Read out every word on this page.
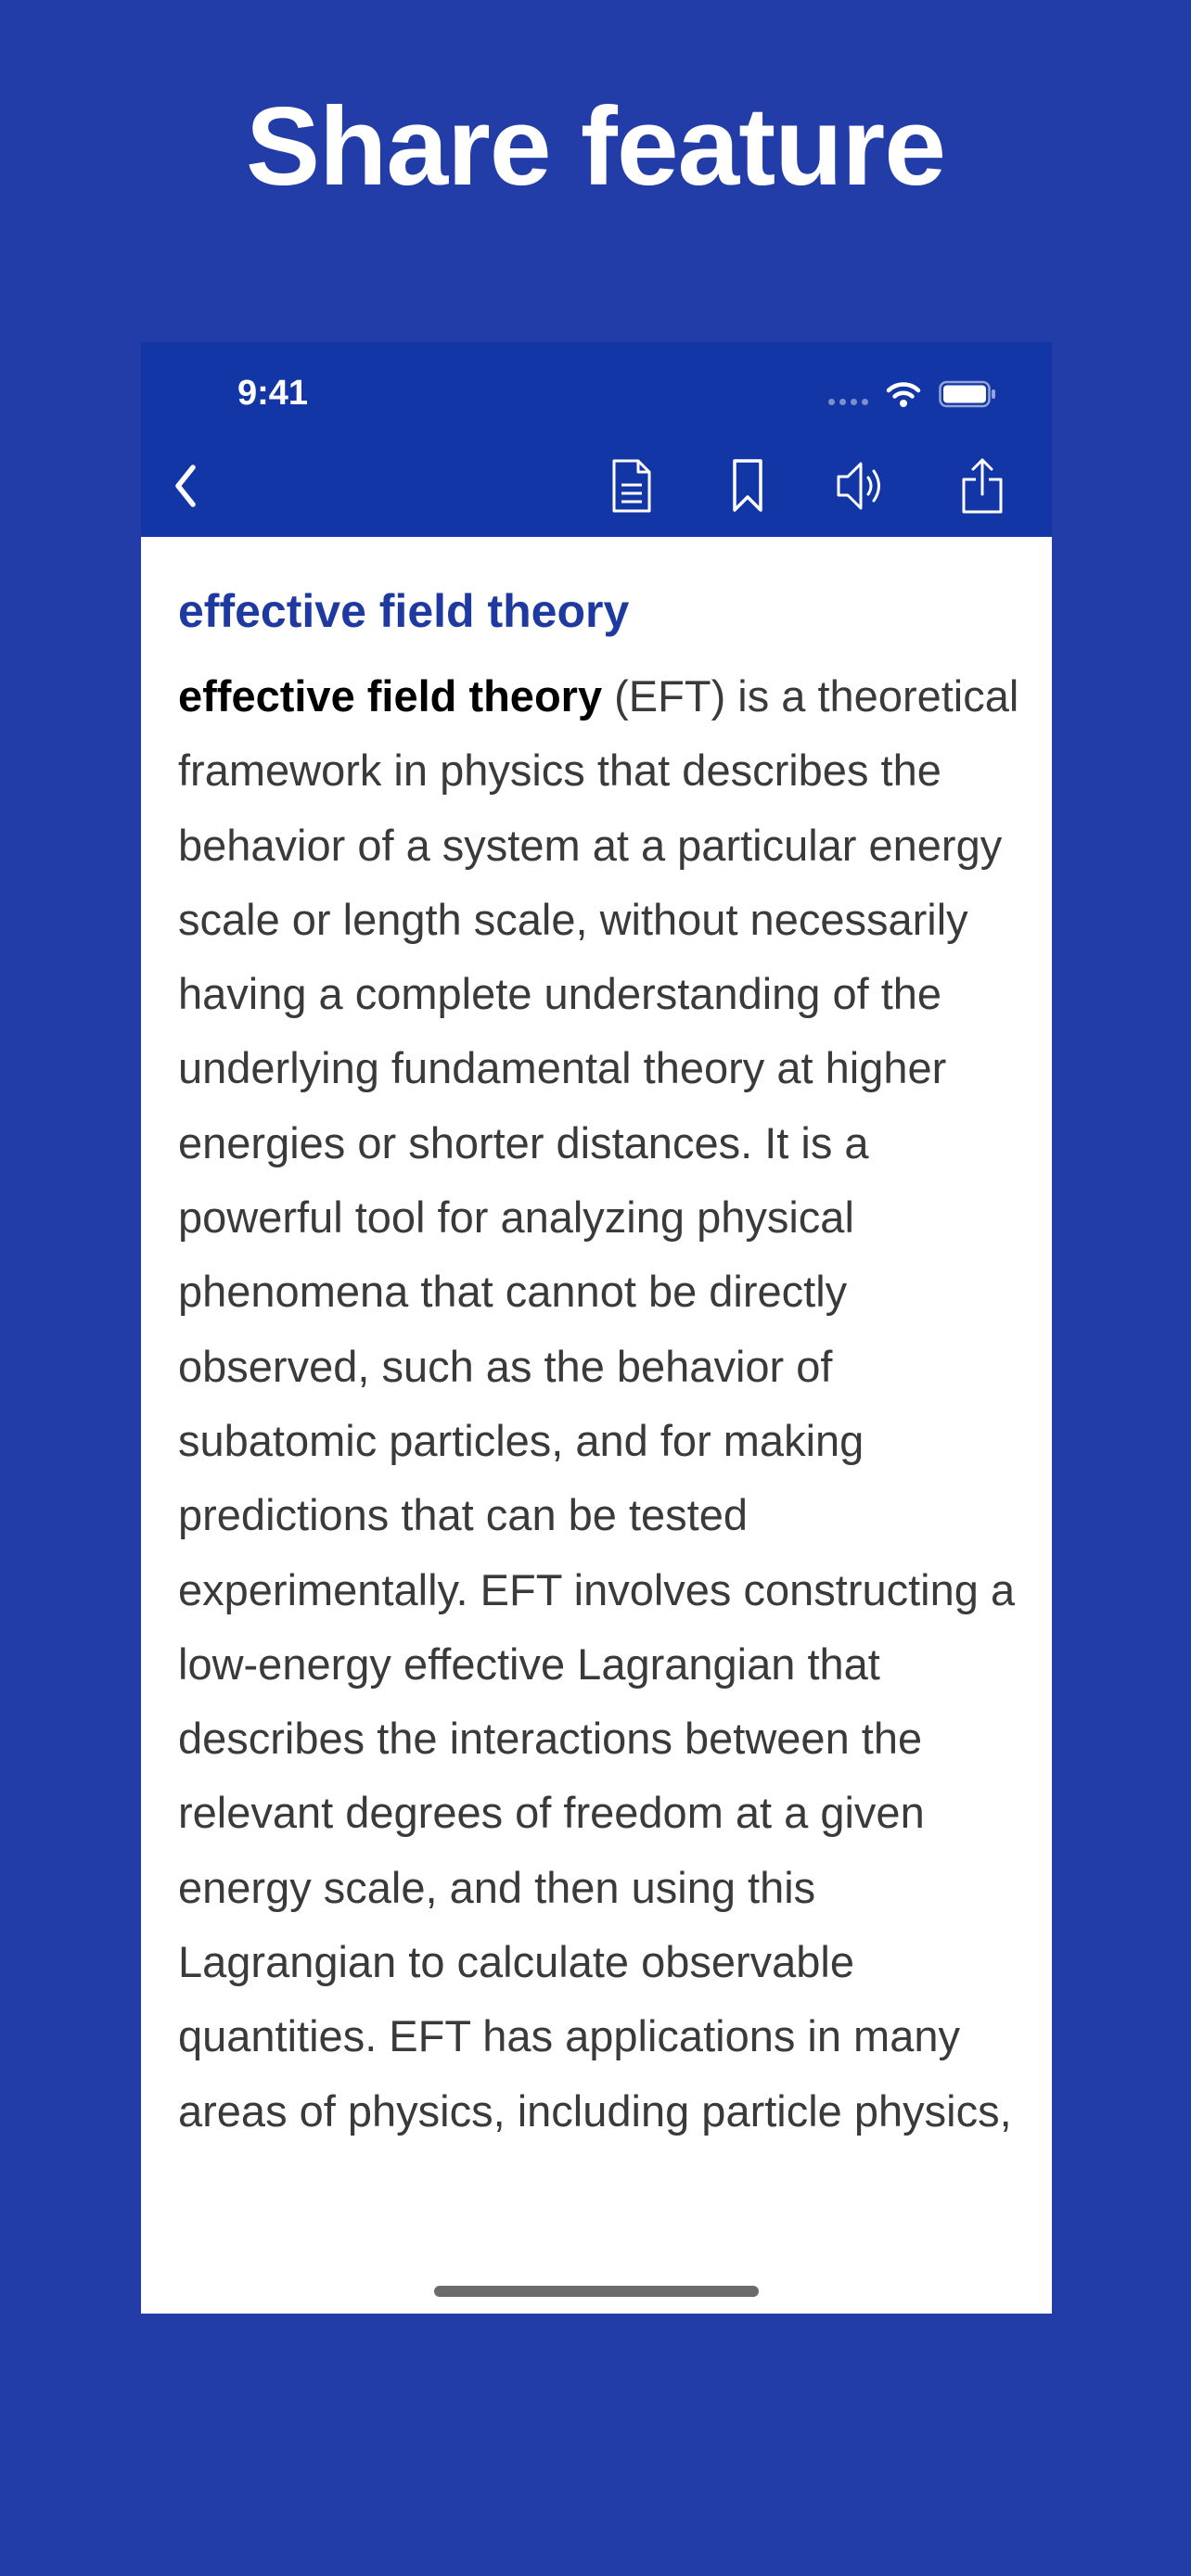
Share feature
9:41
effective field theory

effective field theory (EFT) is a theoretical framework in physics that describes the behavior of a system at a particular energy scale or length scale, without necessarily having a complete understanding of the underlying fundamental theory at higher energies or shorter distances. It is a powerful tool for analyzing physical phenomena that cannot be directly observed, such as the behavior of subatomic particles, and for making predictions that can be tested experimentally. EFT involves constructing a low-energy effective Lagrangian that describes the interactions between the relevant degrees of freedom at a given energy scale, and then using this Lagrangian to calculate observable quantities. EFT has applications in many areas of physics, including particle physics,
